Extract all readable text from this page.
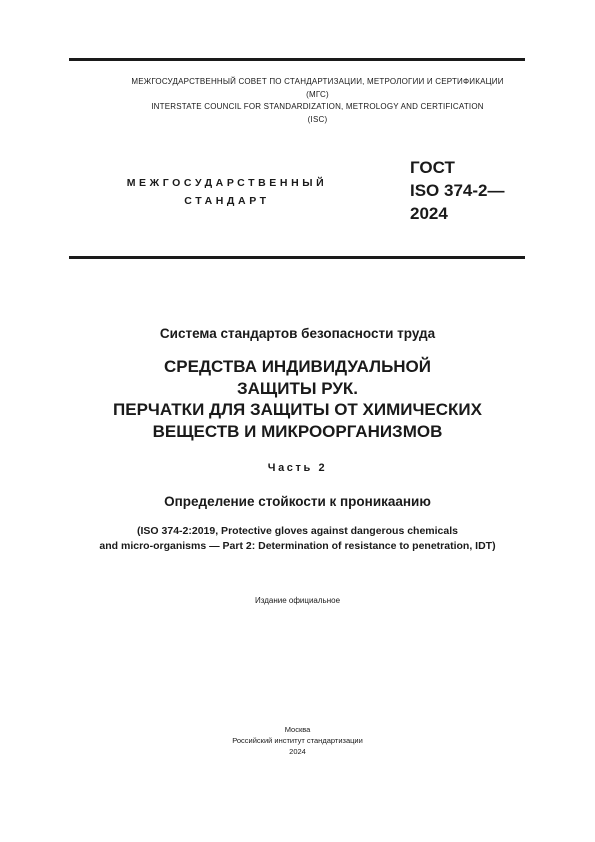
МЕЖГОСУДАРСТВЕННЫЙ СОВЕТ ПО СТАНДАРТИЗАЦИИ, МЕТРОЛОГИИ И СЕРТИФИКАЦИИ
(МГС)
INTERSTATE COUNCIL FOR STANDARDIZATION, METROLOGY AND CERTIFICATION
(ISC)
МЕЖГОСУДАРСТВЕННЫЙ
СТАНДАРТ
ГОСТ
ISO 374-2—
2024
Система стандартов безопасности труда
СРЕДСТВА ИНДИВИДУАЛЬНОЙ
ЗАЩИТЫ РУК.
ПЕРЧАТКИ ДЛЯ ЗАЩИТЫ ОТ ХИМИЧЕСКИХ
ВЕЩЕСТВ И МИКРООРГАНИЗМОВ
Часть 2
Определение стойкости к проникаанию
(ISO 374-2:2019, Protective gloves against dangerous chemicals
and micro-organisms — Part 2: Determination of resistance to penetration, IDT)
Издание официальное
Москва
Российский институт стандартизации
2024
